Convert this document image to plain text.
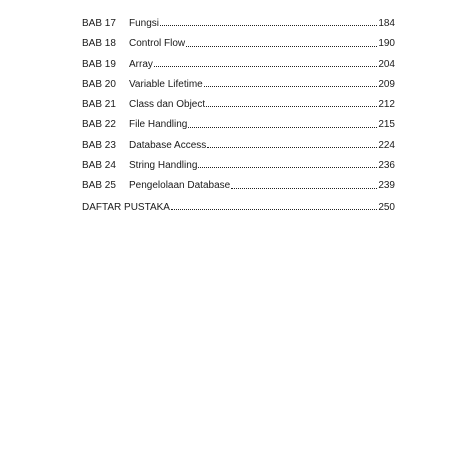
BAB 17	Fungsi	184
BAB 18	Control Flow	190
BAB 19	Array	204
BAB 20	Variable Lifetime	209
BAB 21	Class dan Object	212
BAB 22	File Handling	215
BAB 23	Database Access	224
BAB 24	String Handling	236
BAB 25	Pengelolaan Database	239
DAFTAR PUSTAKA	250
